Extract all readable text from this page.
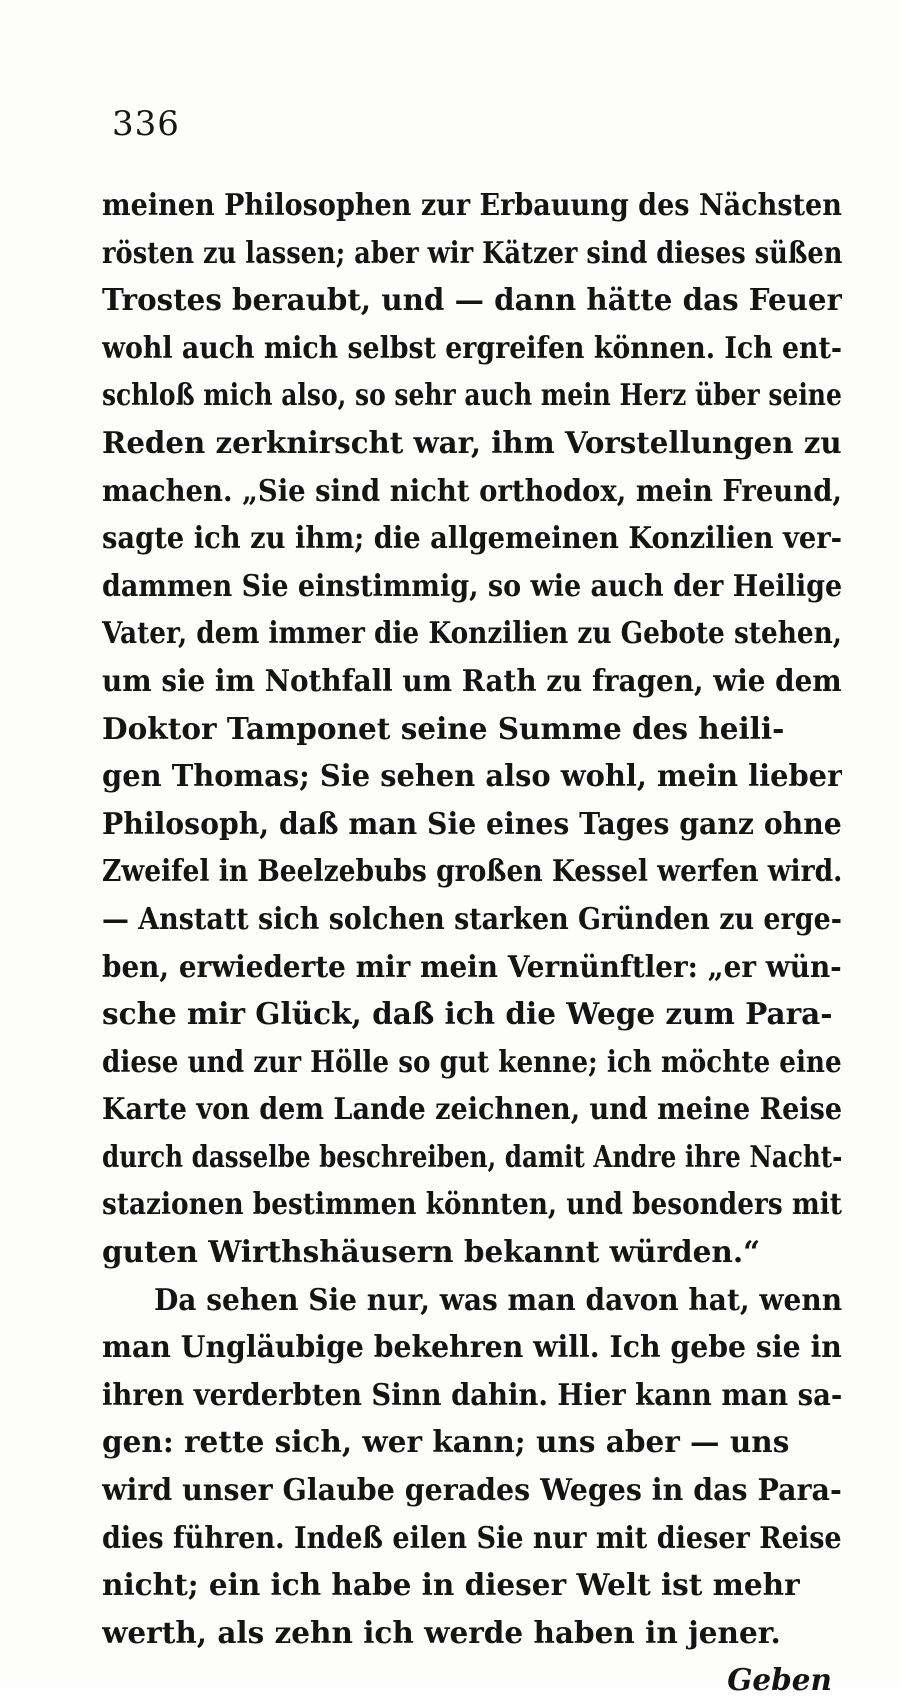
336
meinen Philosophen zur Erbauung des Nächsten
rösten zu lassen; aber wir Kätzer sind dieses süßen
Trostes beraubt, und — dann hätte das Feuer
wohl auch mich selbst ergreifen können. Ich ent-
schloß mich also, so sehr auch mein Herz über seine
Reden zerknirscht war, ihm Vorstellungen zu
machen. „Sie sind nicht orthodox, mein Freund,
sagte ich zu ihm; die allgemeinen Konzilien ver-
dammen Sie einstimmig, so wie auch der Heilige
Vater, dem immer die Konzilien zu Gebote stehen,
um sie im Nothfall um Rath zu fragen, wie dem
Doktor Tamponet seine Summe des heili-
gen Thomas; Sie sehen also wohl, mein lieber
Philosoph, daß man Sie eines Tages ganz ohne
Zweifel in Beelzebubs großen Kessel werfen wird.
— Anstatt sich solchen starken Gründen zu erge-
ben, erwiederte mir mein Vernünftler: „er wün-
sche mir Glück, daß ich die Wege zum Para-
diese und zur Hölle so gut kenne; ich möchte eine
Karte von dem Lande zeichnen, und meine Reise
durch dasselbe beschreiben, damit Andre ihre Nacht-
stazionen bestimmen könnten, und besonders mit
guten Wirthshäusern bekannt würden.“
Da sehen Sie nur, was man davon hat, wenn
man Ungläubige bekehren will. Ich gebe sie in
ihren verderbten Sinn dahin. Hier kann man sa-
gen: rette sich, wer kann; uns aber — uns
wird unser Glaube gerades Weges in das Para-
dies führen. Indeß eilen Sie nur mit dieser Reise
nicht; ein ich habe in dieser Welt ist mehr
werth, als zehn ich werde haben in jener.
Geben
